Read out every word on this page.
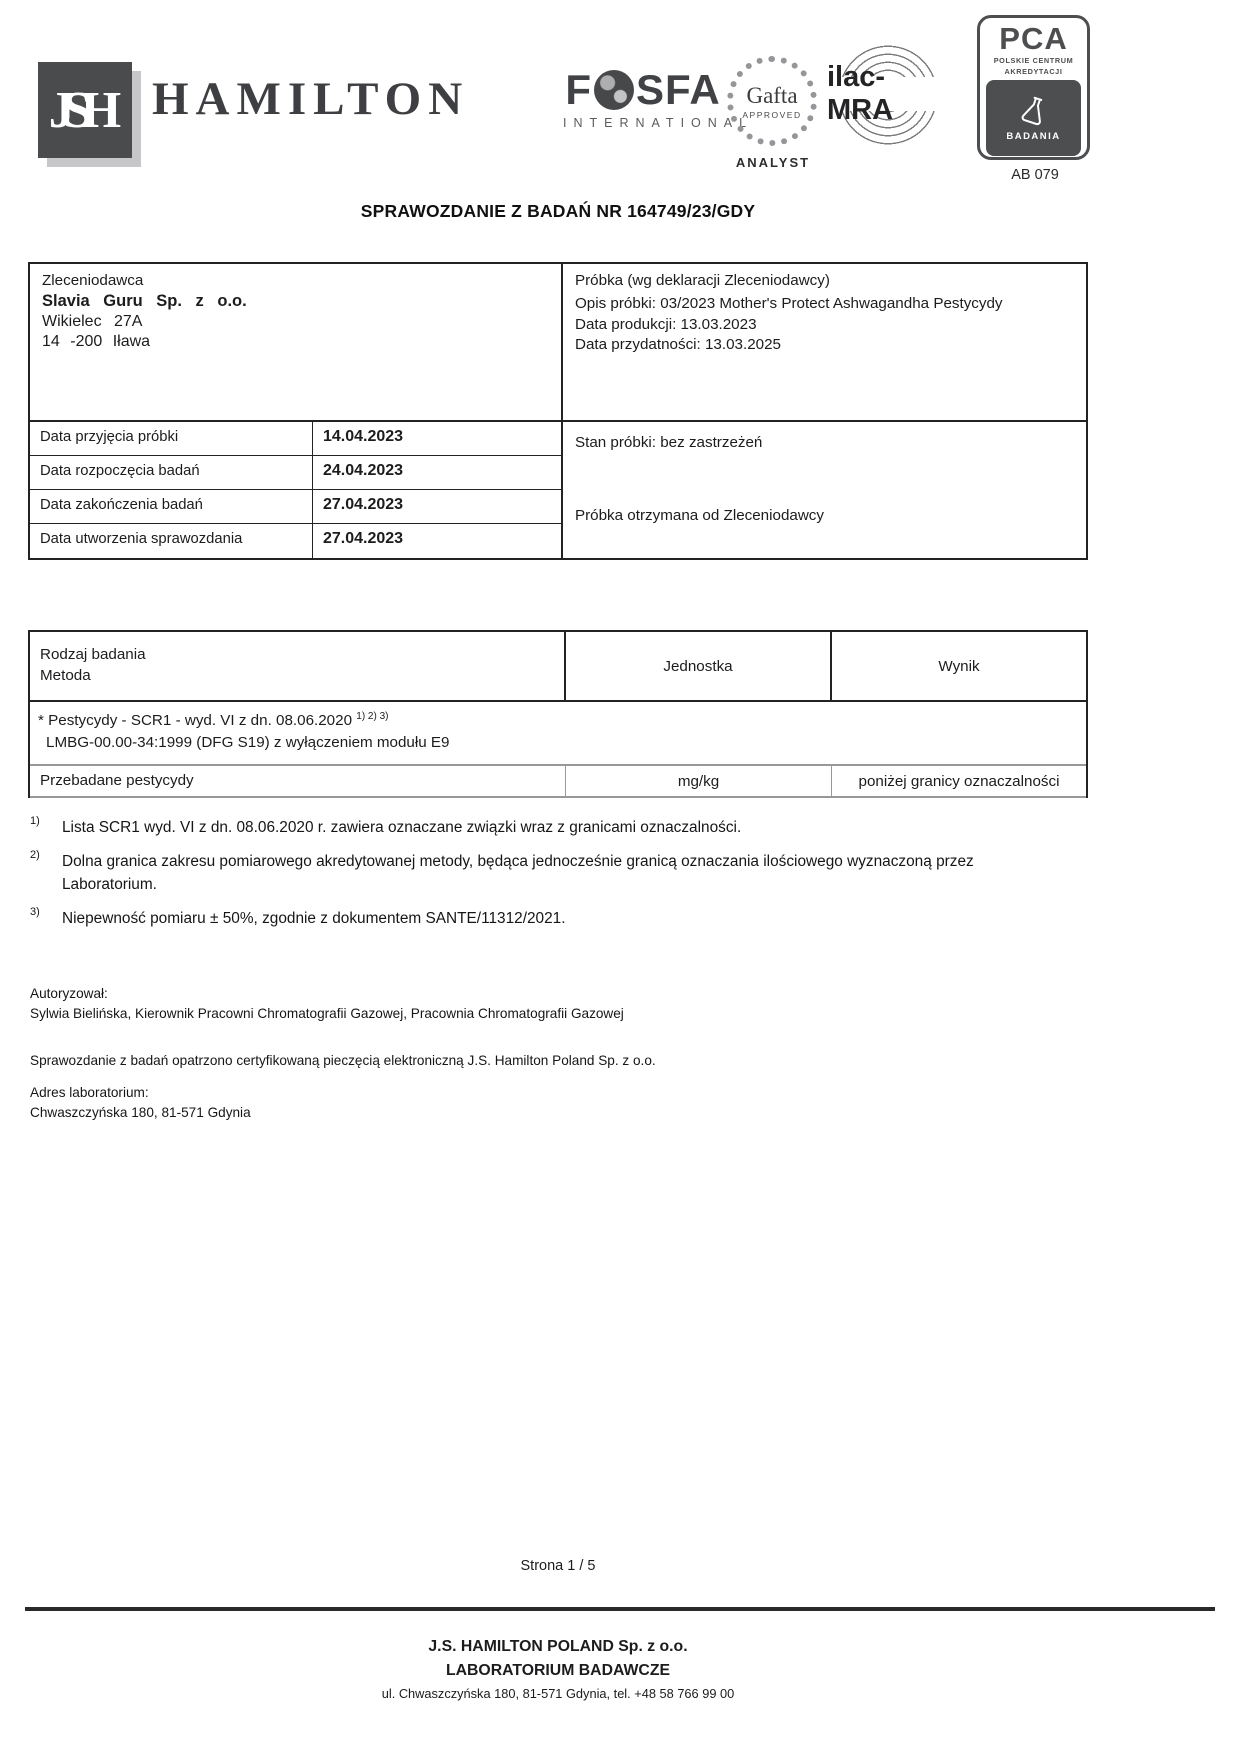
JSH HAMILTON F SFA
INTERNATIONAL
Gafta
APPROVED
ANALYST
ilac-MRA
PCA
POLSKIE CENTRUM
AKREDYTACJI
BADANIA
AB 079
SPRAWOZDANIE Z BADAŃ NR 164749/23/GDY
Zleceniodawca
Slavia Guru Sp. z o.o.
Wikielec 27A
14 -200 Iława
Próbka (wg deklaracji Zleceniodawcy)
Opis próbki: 03/2023 Mother's Protect Ashwagandha Pestycydy
Data produkcji: 13.03.2023
Data przydatności: 13.03.2025
Data przyjęcia próbki	14.04.2023
Data rozpoczęcia badań	24.04.2023
Data zakończenia badań	27.04.2023
Data utworzenia sprawozdania	27.04.2023
Stan próbki: bez zastrzeżeń
Próbka otrzymana od Zleceniodawcy
Rodzaj badania
Metoda
Jednostka	Wynik
* Pestycydy - SCR1 - wyd. VI z dn. 08.06.2020 $^{1) 2) 3)}$
LMBG-00.00-34:1999 (DFG S19) z wyłączeniem modułu E9
Przebadane pestycydy	mg/kg	poniżej granicy oznaczalności
1) Lista SCR1 wyd. VI z dn. 08.06.2020 r. zawiera oznaczane związki wraz z granicami oznaczalności.
2) Dolna granica zakresu pomiarowego akredytowanej metody, będąca jednocześnie granicą oznaczania ilościowego wyznaczoną przez Laboratorium.
3) Niepewność pomiaru ± 50%, zgodnie z dokumentem SANTE/11312/2021.
Autoryzował:
Sylwia Bielińska, Kierownik Pracowni Chromatografii Gazowej, Pracownia Chromatografii Gazowej
Sprawozdanie z badań opatrzono certyfikowaną pieczęcią elektroniczną J.S. Hamilton Poland Sp. z o.o.
Adres laboratorium:
Chwaszczyńska 180, 81-571 Gdynia
Strona 1 / 5
J.S. HAMILTON POLAND Sp. z o.o.
LABORATORIUM BADAWCZE
ul. Chwaszczyńska 180, 81-571 Gdynia, tel. +48 58 766 99 00
